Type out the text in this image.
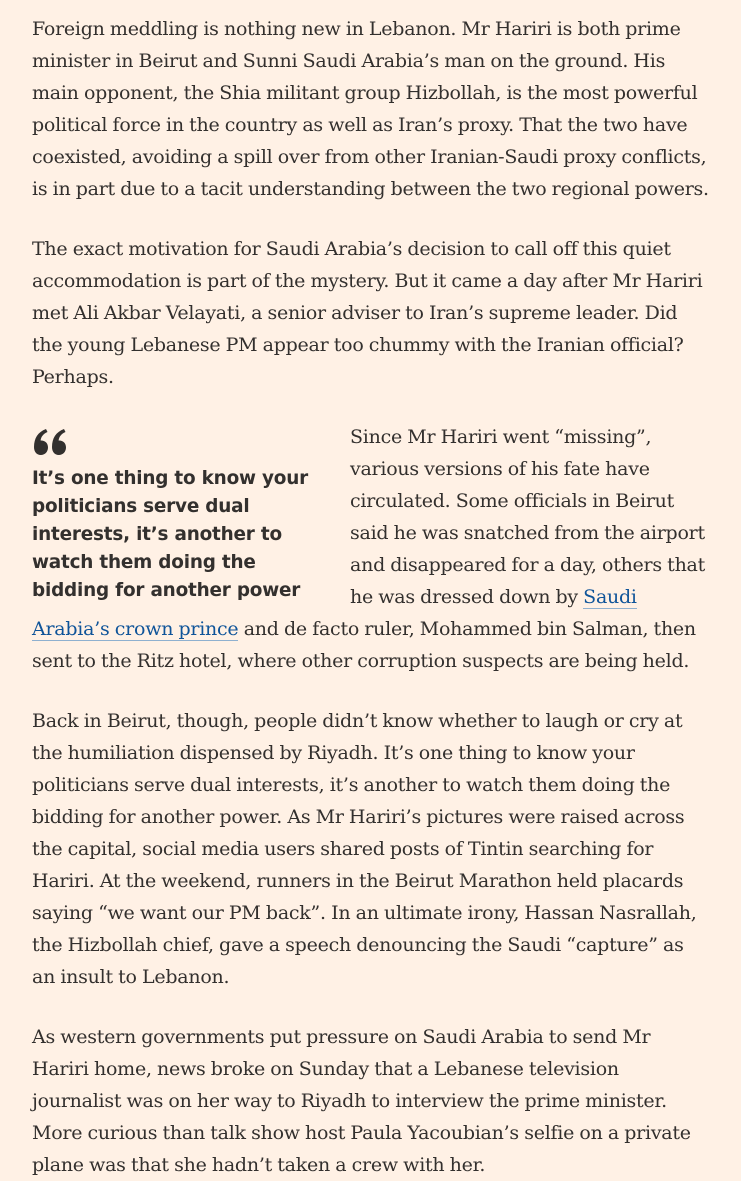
Foreign meddling is nothing new in Lebanon. Mr Hariri is both prime minister in Beirut and Sunni Saudi Arabia’s man on the ground. His main opponent, the Shia militant group Hizbollah, is the most powerful political force in the country as well as Iran’s proxy. That the two have coexisted, avoiding a spill over from other Iranian-Saudi proxy conflicts, is in part due to a tacit understanding between the two regional powers.

The exact motivation for Saudi Arabia’s decision to call off this quiet accommodation is part of the mystery. But it came a day after Mr Hariri met Ali Akbar Velayati, a senior adviser to Iran’s supreme leader. Did the young Lebanese PM appear too chummy with the Iranian official? Perhaps.

It’s one thing to know your politicians serve dual interests, it’s another to watch them doing the bidding for another power

Since Mr Hariri went “missing”, various versions of his fate have circulated. Some officials in Beirut said he was snatched from the airport and disappeared for a day, others that he was dressed down by Saudi Arabia’s crown prince and de facto ruler, Mohammed bin Salman, then sent to the Ritz hotel, where other corruption suspects are being held.

Back in Beirut, though, people didn’t know whether to laugh or cry at the humiliation dispensed by Riyadh. It’s one thing to know your politicians serve dual interests, it’s another to watch them doing the bidding for another power. As Mr Hariri’s pictures were raised across the capital, social media users shared posts of Tintin searching for Hariri. At the weekend, runners in the Beirut Marathon held placards saying “we want our PM back”. In an ultimate irony, Hassan Nasrallah, the Hizbollah chief, gave a speech denouncing the Saudi “capture” as an insult to Lebanon.

As western governments put pressure on Saudi Arabia to send Mr Hariri home, news broke on Sunday that a Lebanese television journalist was on her way to Riyadh to interview the prime minister. More curious than talk show host Paula Yacoubian’s selfie on a private plane was that she hadn’t taken a crew with her.
